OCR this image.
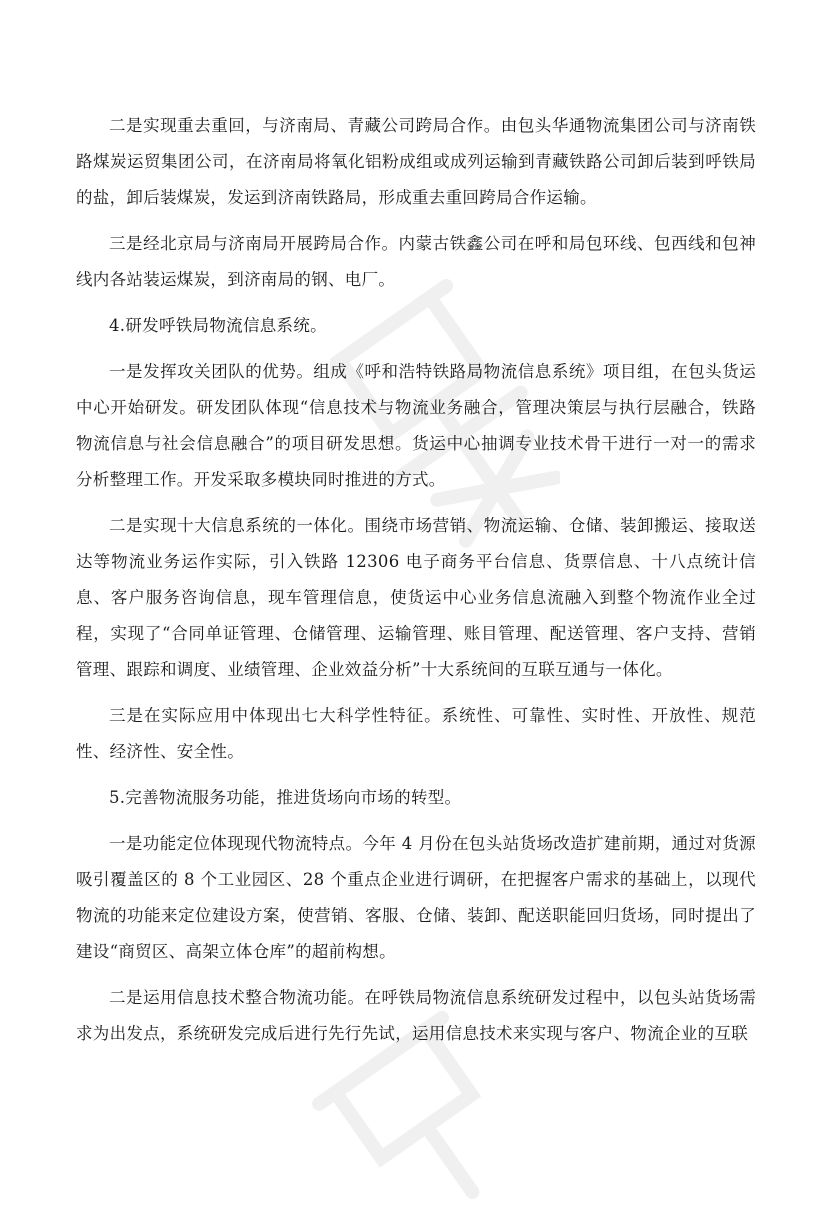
二是实现重去重回，与济南局、青藏公司跨局合作。由包头华通物流集团公司与济南铁路煤炭运贸集团公司，在济南局将氧化铝粉成组或成列运输到青藏铁路公司卸后装到呼铁局的盐，卸后装煤炭，发运到济南铁路局，形成重去重回跨局合作运输。

三是经北京局与济南局开展跨局合作。内蒙古铁鑫公司在呼和局包环线、包西线和包神线内各站装运煤炭，到济南局的钢、电厂。

4.研发呼铁局物流信息系统。

一是发挥攻关团队的优势。组成《呼和浩特铁路局物流信息系统》项目组，在包头货运中心开始研发。研发团队体现“信息技术与物流业务融合，管理决策层与执行层融合，铁路物流信息与社会信息融合”的项目研发思想。货运中心抽调专业技术骨干进行一对一的需求分析整理工作。开发采取多模块同时推进的方式。

二是实现十大信息系统的一体化。围绕市场营销、物流运输、仓储、装卸搬运、接取送达等物流业务运作实际，引入铁路 12306 电子商务平台信息、货票信息、十八点统计信息、客户服务咨询信息，现车管理信息，使货运中心业务信息流融入到整个物流作业全过程，实现了“合同单证管理、仓储管理、运输管理、账目管理、配送管理、客户支持、营销管理、跟踪和调度、业绩管理、企业效益分析”十大系统间的互联互通与一体化。

三是在实际应用中体现出七大科学性特征。系统性、可靠性、实时性、开放性、规范性、经济性、安全性。

5.完善物流服务功能，推进货场向市场的转型。

一是功能定位体现现代物流特点。今年 4 月份在包头站货场改造扩建前期，通过对货源吸引覆盖区的 8 个工业园区、28 个重点企业进行调研，在把握客户需求的基础上，以现代物流的功能来定位建设方案，使营销、客服、仓储、装卸、配送职能回归货场，同时提出了建设“商贸区、高架立体仓库”的超前构想。

二是运用信息技术整合物流功能。在呼铁局物流信息系统研发过程中，以包头站货场需求为出发点，系统研发完成后进行先行先试，运用信息技术来实现与客户、物流企业的互联
